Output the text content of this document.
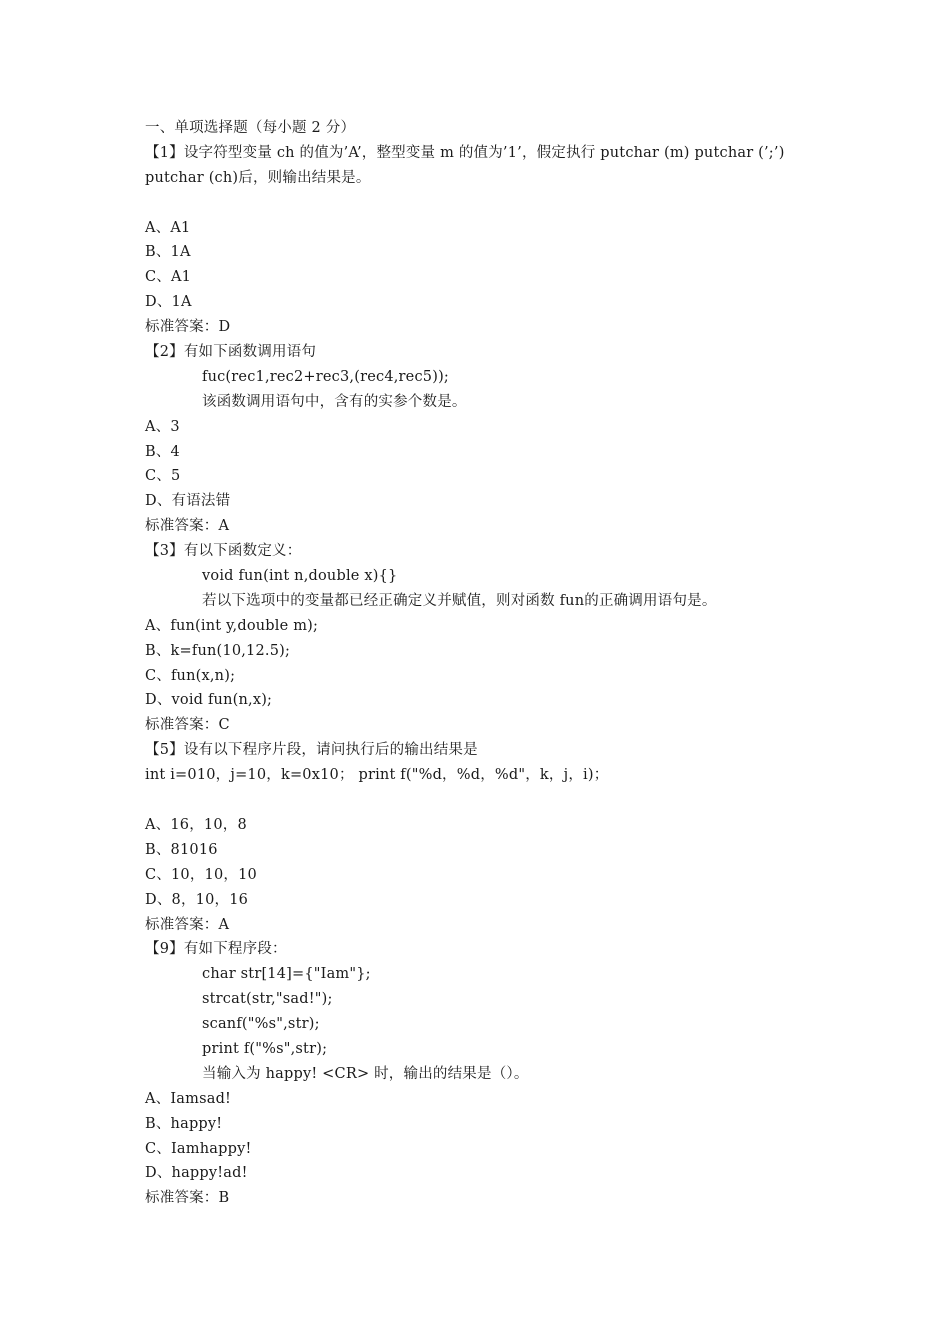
一、单项选择题（每小题 2 分）
【1】设字符型变量 ch 的值为’A’，整型变量 m 的值为’1’，假定执行 putchar (m) putchar (’;’)
putchar (ch)后，则输出结果是。
A、A1
B、1A
C、A1
D、1A
标准答案：D
【2】有如下函数调用语句
fuc(rec1,rec2+rec3,(rec4,rec5));
该函数调用语句中，含有的实参个数是。
A、3
B、4
C、5
D、有语法错
标准答案：A
【3】有以下函数定义：
void fun(int n,double x){}
若以下选项中的变量都已经正确定义并赋值，则对函数 fun的正确调用语句是。
A、fun(int y,double m);
B、k=fun(10,12.5);
C、fun(x,n);
D、void fun(n,x);
标准答案：C
【5】设有以下程序片段，请问执行后的输出结果是
int i=010，j=10，k=0x10； print f("%d，%d，%d"，k，j，i)；
A、16，10，8
B、81016
C、10，10，10
D、8，10，16
标准答案：A
【9】有如下程序段：
char str[14]={"Iam"};
strcat(str,"sad!");
scanf("%s",str);
print f("%s",str);
当输入为 happy! <CR> 时，输出的结果是（）。
A、Iamsad!
B、happy!
C、Iamhappy!
D、happy!ad!
标准答案：B
